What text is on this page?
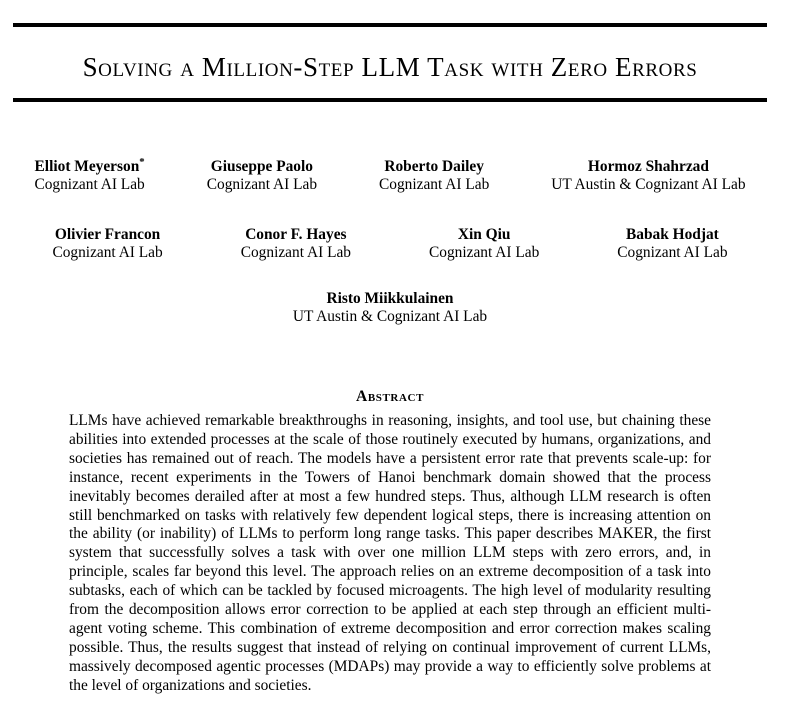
Solving a Million-Step LLM Task with Zero Errors
Elliot Meyerson*
Cognizant AI Lab
Giuseppe Paolo
Cognizant AI Lab
Roberto Dailey
Cognizant AI Lab
Hormoz Shahrzad
UT Austin & Cognizant AI Lab
Olivier Francon
Cognizant AI Lab
Conor F. Hayes
Cognizant AI Lab
Xin Qiu
Cognizant AI Lab
Babak Hodjat
Cognizant AI Lab
Risto Miikkulainen
UT Austin & Cognizant AI Lab
Abstract

LLMs have achieved remarkable breakthroughs in reasoning, insights, and tool use, but chaining these abilities into extended processes at the scale of those routinely executed by humans, organizations, and societies has remained out of reach. The models have a persistent error rate that prevents scale-up: for instance, recent experiments in the Towers of Hanoi benchmark domain showed that the process inevitably becomes derailed after at most a few hundred steps. Thus, although LLM research is often still benchmarked on tasks with relatively few dependent logical steps, there is increasing attention on the ability (or inability) of LLMs to perform long range tasks. This paper describes MAKER, the first system that successfully solves a task with over one million LLM steps with zero errors, and, in principle, scales far beyond this level. The approach relies on an extreme decomposition of a task into subtasks, each of which can be tackled by focused microagents. The high level of modularity resulting from the decomposition allows error correction to be applied at each step through an efficient multi-agent voting scheme. This combination of extreme decomposition and error correction makes scaling possible. Thus, the results suggest that instead of relying on continual improvement of current LLMs, massively decomposed agentic processes (MDAPs) may provide a way to efficiently solve problems at the level of organizations and societies.
